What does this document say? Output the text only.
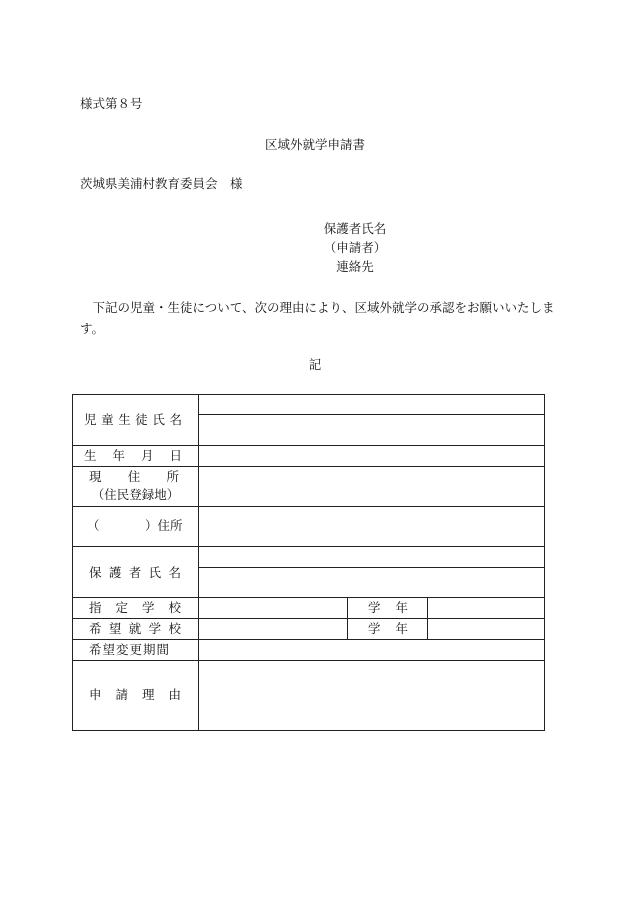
様式第８号
区域外就学申請書
茨城県美浦村教育委員会　様
保護者氏名
（申請者）
連絡先
下記の児童・生徒について、次の理由により、区域外就学の承認をお願いいたします。
記
児 童 生 徒 氏 名
生 年 月 日
現 住 所
（住民登録地）
（	）住所
保 護 者 氏 名
指 定 学 校	学 年
希 望 就 学 校	学 年
希望変更期間
申 請 理 由
